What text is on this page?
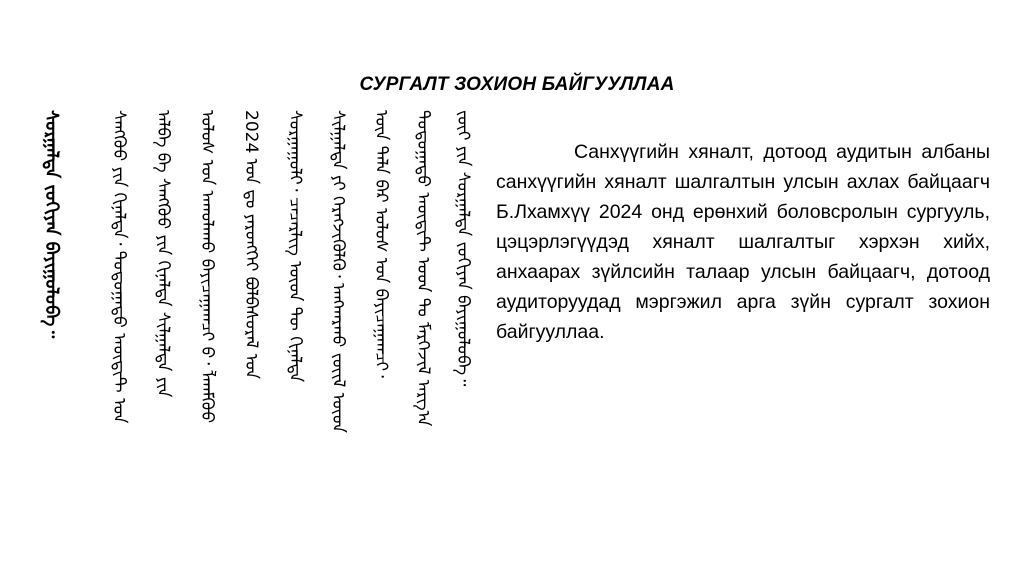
СУРГАЛТ ЗОХИОН БАЙГУУЛЛАА
ᠰᠤᠷᠭᠠᠯᠲᠠ ᠵᠣᠬᠢᠶᠠᠨ ᠪᠠᠶᠢᠭᠤᠯᠤᠪᠠ᠃	ᠰᠠᠩᠬᠦᠦ ᠶᠢᠨ ᠬᠢᠨᠠᠯᠲᠠ᠂ ᠳᠣᠲᠣᠭᠠᠳᠤ ᠠᠦ᠋ᠳ᠋ᠢᠲ ᠤᠨ ᠠᠯᠪᠠ ᠪᠠ ᠰᠠᠩᠬᠦᠦ ᠶᠢᠨ ᠬᠢᠨᠠᠯᠲᠠ ᠰᠢᠯᠭᠠᠯᠲᠠ ᠶᠢᠨ ᠤᠯᠤᠰ ᠤᠨ ᠠᠬᠤᠯᠠᠬᠤ ᠪᠠᠶᠢᠴᠠᠭᠠᠭᠴᠢ ᠪ᠂ ᠯᠬᠠᠮᠬᠦᠦ 2024 ᠣᠨ ᠳᠤ ᠶᠡᠷᠦᠩᠬᠡᠢ ᠪᠣᠯᠪᠠᠰᠤᠷᠠᠯ ᠤᠨ ᠰᠤᠷᠭᠠᠭᠤᠯᠢ᠂ ᠴᠡᠴᠡᠷᠯᠢᠭ ᠦᠳ ᠲᠦ ᠬᠢᠨᠠᠯᠲᠠ ᠰᠢᠯᠭᠠᠯᠲᠠ ᠶᠢ ᠬᠡᠷᠡᠭᠵᠢᠭᠦᠯᠬᠦ᠂ ᠠᠩᠬᠠᠷᠬᠤ ᠵᠦᠢᠯ ᠦᠳ ᠦᠨ ᠲᠠᠯᠠ ᠪᠠᠷ ᠤᠯᠤᠰ ᠤᠨ ᠪᠠᠶᠢᠴᠠᠭᠠᠭᠴᠢ᠂ ᠳᠣᠲᠣᠭᠠᠳᠤ ᠠᠦ᠋ᠳ᠋ᠢᠲ ᠤᠳ ᠲᠤ ᠮᠡᠷᠭᠡᠵᠢᠯ ᠠᠷᠭ᠎ᠠ ᠵᠦᠢ ᠶᠢᠨ ᠰᠤᠷᠭᠠᠯᠲᠠ ᠵᠣᠬᠢᠶᠠᠨ ᠪᠠᠶᠢᠭᠤᠯᠤᠪᠠ᠃	Санхүүгийн хяналт, дотоод аудитын албаны санхүүгийн хяналт шалгалтын улсын ахлах байцаагч Б.Лхамхүү 2024 онд ерөнхий боловсролын сургууль, цэцэрлэгүүдэд хяналт шалгалтыг хэрхэн хийх, анхаарах зүйлсийн талаар улсын байцаагч, дотоод аудиторуудад мэргэжил арга зүйн сургалт зохион байгууллаа.
